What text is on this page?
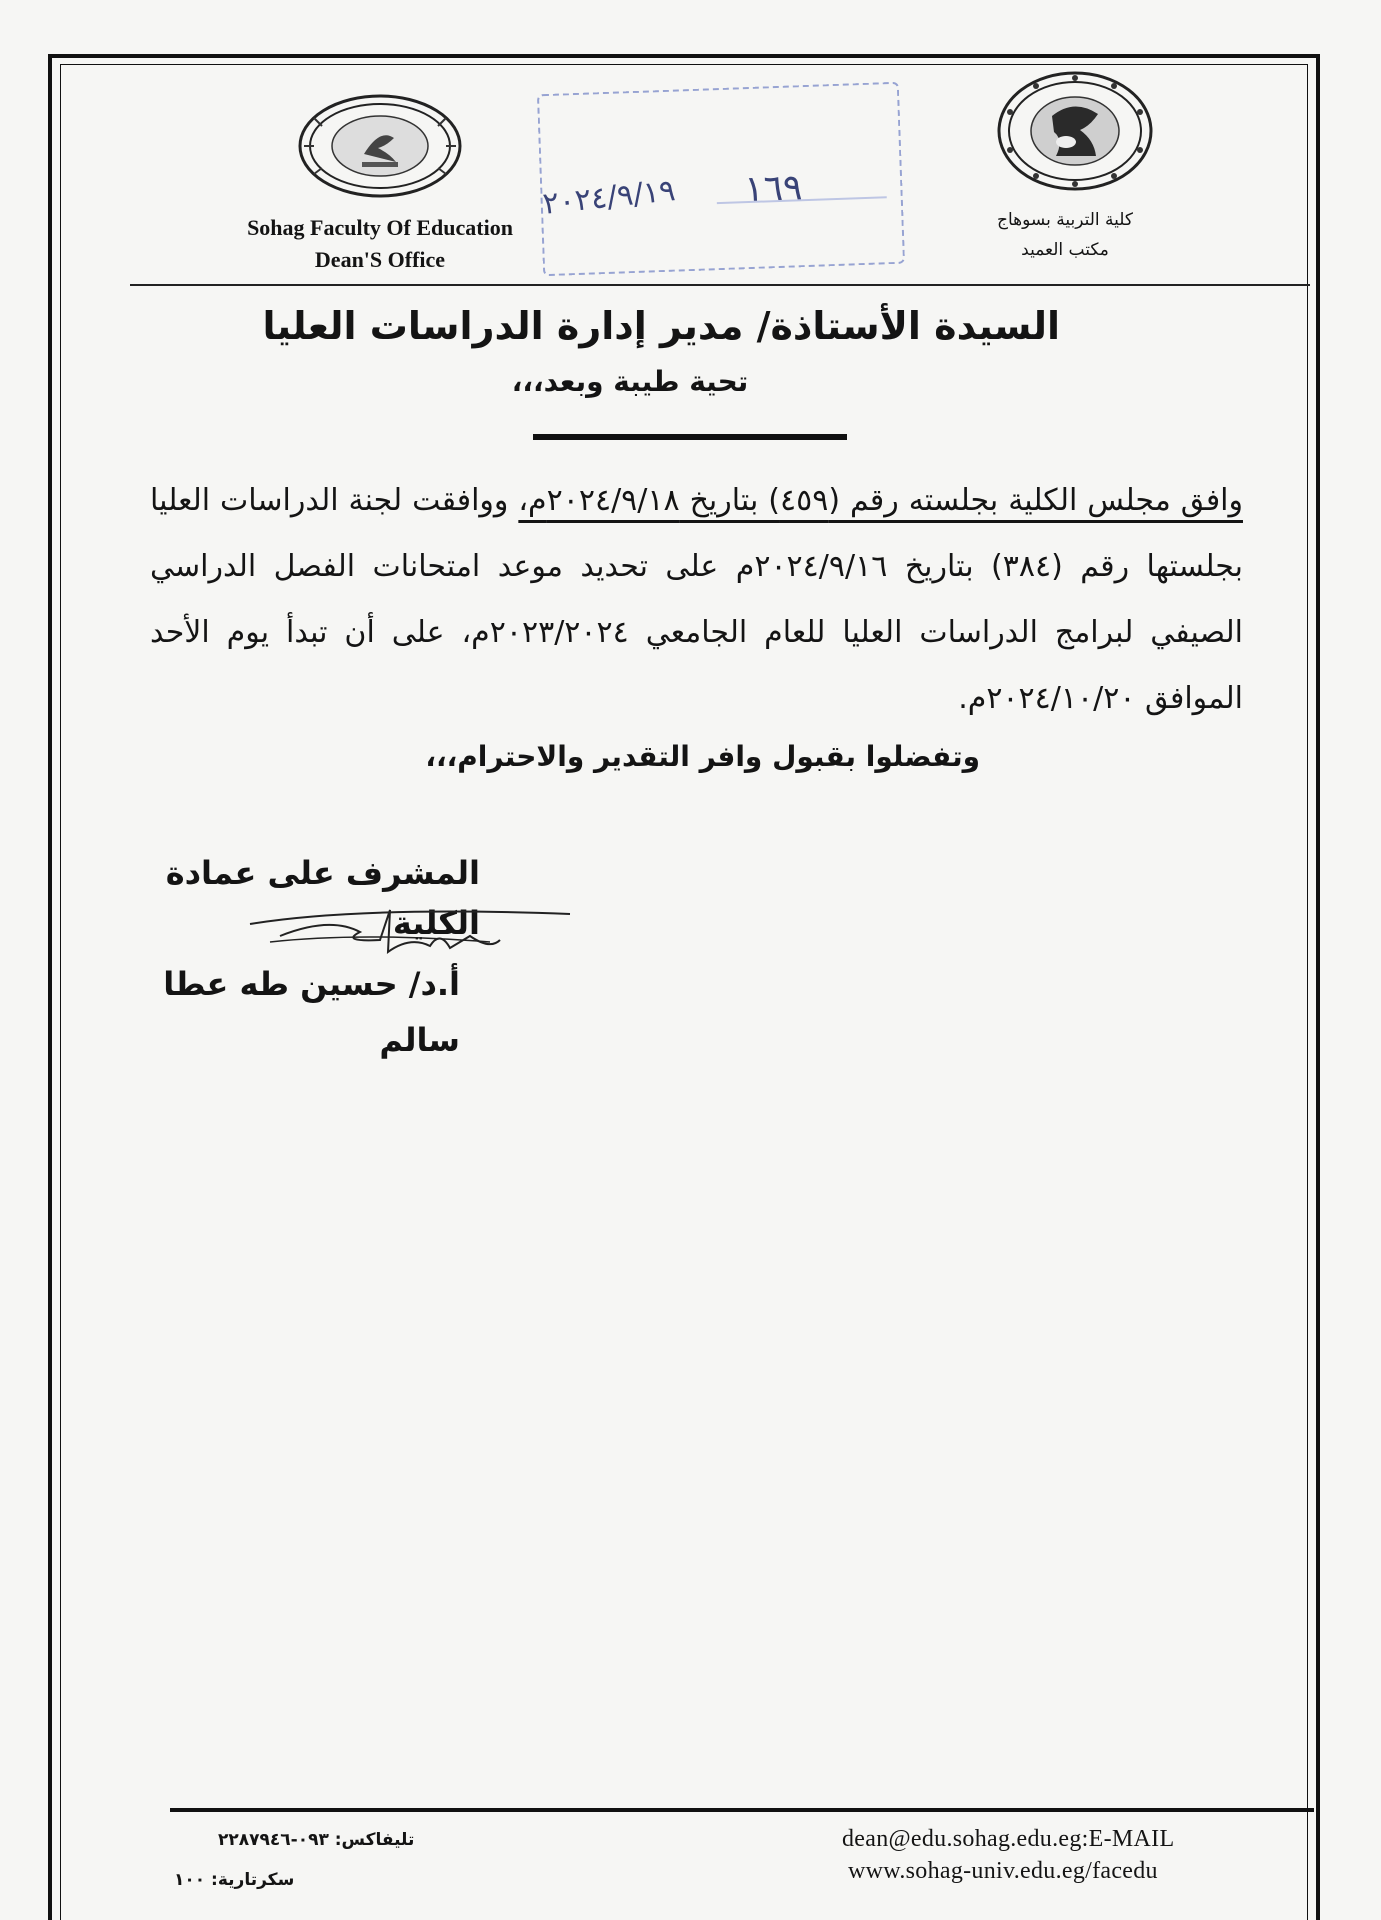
Sohag Faculty Of Education
Dean'S Office
كلية التربية بسوهاج
مكتب العميد
١٦٩
٢٠٢٤/٩/١٩
السيدة الأستاذة/ مدير إدارة الدراسات العليا
تحية طيبة وبعد،،،
وافق مجلس الكلية بجلسته رقم (٤٥٩) بتاريخ ٢٠٢٤/٩/١٨م، ووافقت لجنة الدراسات العليا بجلستها رقم (٣٨٤) بتاريخ ٢٠٢٤/٩/١٦م على تحديد موعد امتحانات الفصل الدراسي الصيفي لبرامج الدراسات العليا للعام الجامعي ٢٠٢٣/٢٠٢٤م، على أن تبدأ يوم الأحد الموافق ٢٠٢٤/١٠/٢٠م.
وتفضلوا بقبول وافر التقدير والاحترام،،،
المشرف على عمادة الكلية
أ.د/ حسين طه عطا سالم
dean@edu.sohag.edu.eg:E-MAIL
www.sohag-univ.edu.eg/facedu
تليفاكس: ٠٩٣-٢٢٨٧٩٤٦
سكرتارية: ١٠٠
